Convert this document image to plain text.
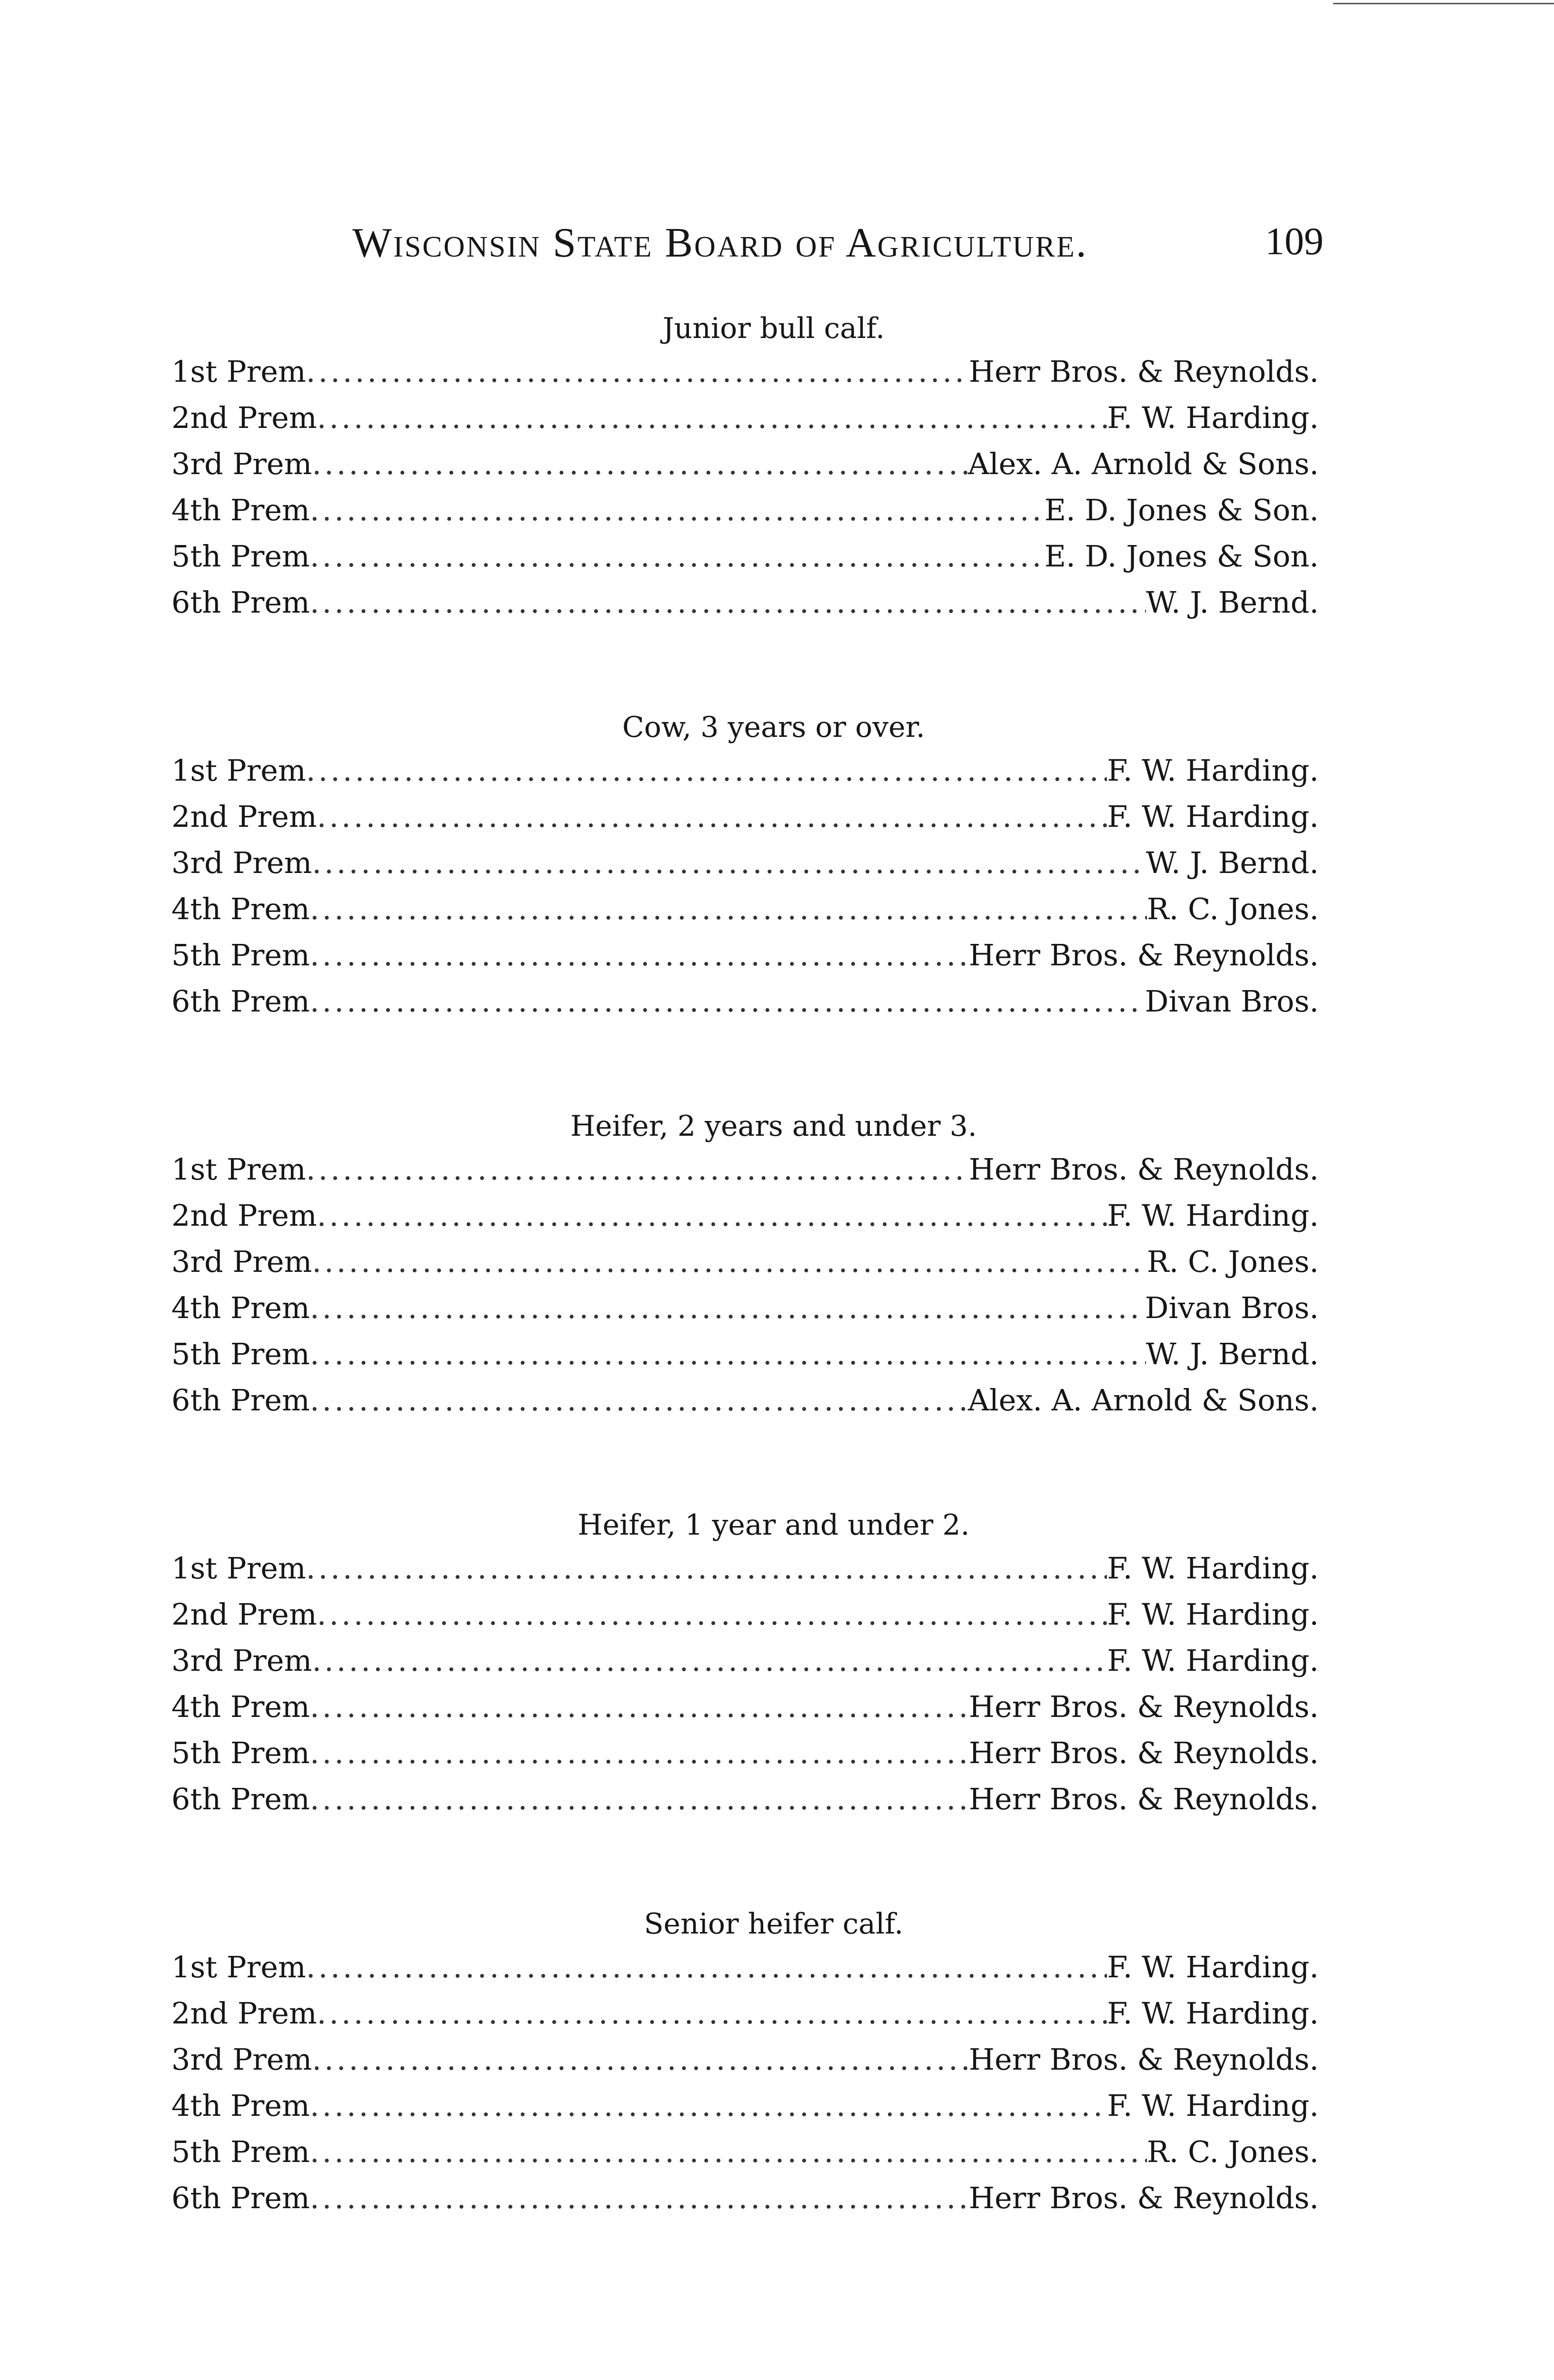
Wisconsin State Board of Agriculture.	109
Junior bull calf.
1st Prem .....	Herr Bros. & Reynolds.
2nd Prem .....	F. W. Harding.
3rd Prem .....	Alex. A. Arnold & Sons.
4th Prem .....	E. D. Jones & Son.
5th Prem .....	E. D. Jones & Son.
6th Prem .....	W. J. Bernd.
Cow, 3 years or over.
1st Prem .....	F. W. Harding.
2nd Prem .....	F. W. Harding.
3rd Prem .....	W. J. Bernd.
4th Prem .....	R. C. Jones.
5th Prem .....	Herr Bros. & Reynolds.
6th Prem .....	Divan Bros.
Heifer, 2 years and under 3.
1st Prem .....	Herr Bros. & Reynolds.
2nd Prem .....	F. W. Harding.
3rd Prem .....	R. C. Jones.
4th Prem .....	Divan Bros.
5th Prem .....	W. J. Bernd.
6th Prem .....	Alex. A. Arnold & Sons.
Heifer, 1 year and under 2.
1st Prem .....	F. W. Harding.
2nd Prem .....	F. W. Harding.
3rd Prem .....	F. W. Harding.
4th Prem .....	Herr Bros. & Reynolds.
5th Prem .....	Herr Bros. & Reynolds.
6th Prem .....	Herr Bros. & Reynolds.
Senior heifer calf.
1st Prem .....	F. W. Harding.
2nd Prem .....	F. W. Harding.
3rd Prem .....	Herr Bros. & Reynolds.
4th Prem .....	F. W. Harding.
5th Prem .....	R. C. Jones.
6th Prem .....	Herr Bros. & Reynolds.
